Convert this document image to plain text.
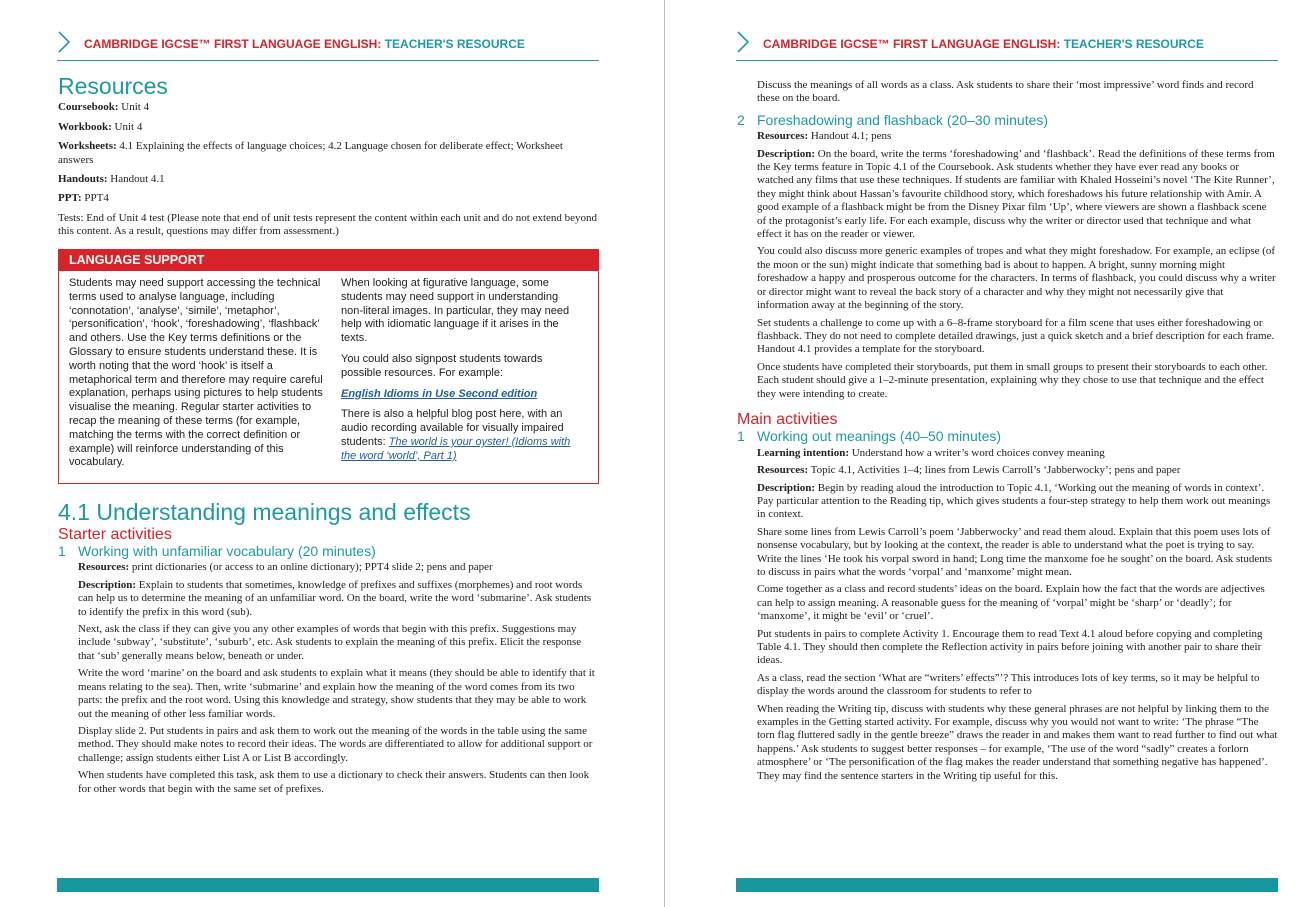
CAMBRIDGE IGCSE™ FIRST LANGUAGE ENGLISH: TEACHER'S RESOURCE
Resources

Coursebook: Unit 4

Workbook: Unit 4

Worksheets: 4.1 Explaining the effects of language choices; 4.2 Language chosen for deliberate effect; Worksheet answers

Handouts: Handout 4.1

PPT: PPT4

Tests: End of Unit 4 test (Please note that end of unit tests represent the content within each unit and do not extend beyond this content. As a result, questions may differ from assessment.)

LANGUAGE SUPPORT

Students may need support accessing the technical terms used to analyse language, including ‘connotation’, ‘analyse’, ‘simile’, ‘metaphor’, ‘personification’, ‘hook’, ‘foreshadowing’, ‘flashback’ and others. Use the Key terms definitions or the Glossary to ensure students understand these. It is worth noting that the word ‘hook’ is itself a metaphorical term and therefore may require careful explanation, perhaps using pictures to help students visualise the meaning. Regular starter activities to recap the meaning of these terms (for example, matching the terms with the correct definition or example) will reinforce understanding of this vocabulary.

When looking at figurative language, some students may need support in understanding non-literal images. In particular, they may need help with idiomatic language if it arises in the texts.

You could also signpost students towards possible resources. For example:

English Idioms in Use Second edition

There is also a helpful blog post here, with an audio recording available for visually impaired students: The world is your oyster! (Idioms with the word ‘world’, Part 1)

4.1 Understanding meanings and effects
Starter activities
1 Working with unfamiliar vocabulary (20 minutes)

Resources: print dictionaries (or access to an online dictionary); PPT4 slide 2; pens and paper

Description: Explain to students that sometimes, knowledge of prefixes and suffixes (morphemes) and root words can help us to determine the meaning of an unfamiliar word. On the board, write the word ‘submarine’. Ask students to identify the prefix in this word (sub).

Next, ask the class if they can give you any other examples of words that begin with this prefix. Suggestions may include ‘subway’, ‘substitute’, ‘suburb’, etc. Ask students to explain the meaning of this prefix. Elicit the response that ‘sub’ generally means below, beneath or under.

Write the word ‘marine’ on the board and ask students to explain what it means (they should be able to identify that it means relating to the sea). Then, write ‘submarine’ and explain how the meaning of the word comes from its two parts: the prefix and the root word. Using this knowledge and strategy, show students that they may be able to work out the meaning of other less familiar words.

Display slide 2. Put students in pairs and ask them to work out the meaning of the words in the table using the same method. They should make notes to record their ideas. The words are differentiated to allow for additional support or challenge; assign students either List A or List B accordingly.

When students have completed this task, ask them to use a dictionary to check their answers. Students can then look for other words that begin with the same set of prefixes.

CAMBRIDGE IGCSE™ FIRST LANGUAGE ENGLISH: TEACHER'S RESOURCE

Discuss the meanings of all words as a class. Ask students to share their ‘most impressive’ word finds and record these on the board.

2 Foreshadowing and flashback (20–30 minutes)

Resources: Handout 4.1; pens

Description: On the board, write the terms ‘foreshadowing’ and ‘flashback’. Read the definitions of these terms from the Key terms feature in Topic 4.1 of the Coursebook. Ask students whether they have ever read any books or watched any films that use these techniques. If students are familiar with Khaled Hosseini’s novel ‘The Kite Runner’, they might think about Hassan’s favourite childhood story, which foreshadows his future relationship with Amir. A good example of a flashback might be from the Disney Pixar film ‘Up’, where viewers are shown a flashback scene of the protagonist’s early life. For each example, discuss why the writer or director used that technique and what effect it has on the reader or viewer.

You could also discuss more generic examples of tropes and what they might foreshadow. For example, an eclipse (of the moon or the sun) might indicate that something bad is about to happen. A bright, sunny morning might foreshadow a happy and prosperous outcome for the characters. In terms of flashback, you could discuss why a writer or director might want to reveal the back story of a character and why they might not necessarily give that information away at the beginning of the story.

Set students a challenge to come up with a 6–8-frame storyboard for a film scene that uses either foreshadowing or flashback. They do not need to complete detailed drawings, just a quick sketch and a brief description for each frame. Handout 4.1 provides a template for the storyboard.

Once students have completed their storyboards, put them in small groups to present their storyboards to each other. Each student should give a 1–2-minute presentation, explaining why they chose to use that technique and the effect they were intending to create.

Main activities
1 Working out meanings (40–50 minutes)

Learning intention: Understand how a writer’s word choices convey meaning

Resources: Topic 4.1, Activities 1–4; lines from Lewis Carroll’s ‘Jabberwocky’; pens and paper

Description: Begin by reading aloud the introduction to Topic 4.1, ‘Working out the meaning of words in context’. Pay particular attention to the Reading tip, which gives students a four-step strategy to help them work out meanings in context.

Share some lines from Lewis Carroll’s poem ‘Jabberwocky’ and read them aloud. Explain that this poem uses lots of nonsense vocabulary, but by looking at the context, the reader is able to understand what the poet is trying to say. Write the lines ‘He took his vorpal sword in hand; Long time the manxome foe he sought’ on the board. Ask students to discuss in pairs what the words ‘vorpal’ and ‘manxome’ might mean.

Come together as a class and record students’ ideas on the board. Explain how the fact that the words are adjectives can help to assign meaning. A reasonable guess for the meaning of ‘vorpal’ might be ‘sharp’ or ‘deadly’; for ‘manxome’, it might be ‘evil’ or ‘cruel’.

Put students in pairs to complete Activity 1. Encourage them to read Text 4.1 aloud before copying and completing Table 4.1. They should then complete the Reflection activity in pairs before joining with another pair to share their ideas.

As a class, read the section ‘What are “writers’ effects”’? This introduces lots of key terms, so it may be helpful to display the words around the classroom for students to refer to

When reading the Writing tip, discuss with students why these general phrases are not helpful by linking them to the examples in the Getting started activity. For example, discuss why you would not want to write: ‘The phrase “The torn flag fluttered sadly in the gentle breeze” draws the reader in and makes them want to read further to find out what happens.’ Ask students to suggest better responses – for example, ‘The use of the word “sadly” creates a forlorn atmosphere’ or ‘The personification of the flag makes the reader understand that something negative has happened’. They may find the sentence starters in the Writing tip useful for this.
